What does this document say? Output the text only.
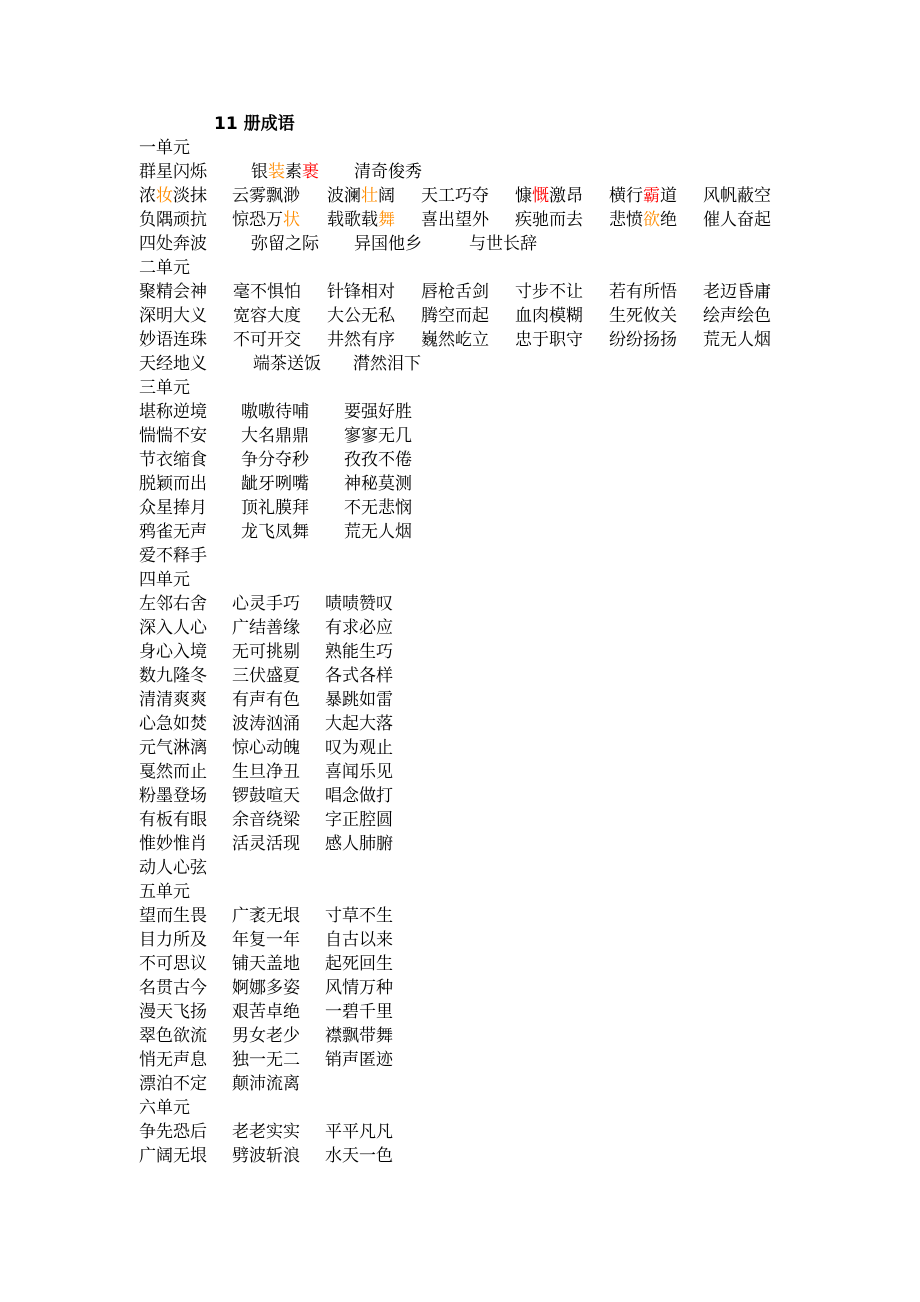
11 册成语
一单元
群星闪烁	银装素裹 清奇俊秀
浓妆淡抹 云雾飘渺 波澜壮阔 天工巧夺 慷慨激昂 横行霸道 风帆蔽空
负隅顽抗 惊恐万状 载歌载舞 喜出望外 疾驰而去 悲愤欲绝 催人奋起
四处奔波	弥留之际 异国他乡	与世长辞
二单元
聚精会神 毫不惧怕 针锋相对 唇枪舌剑 寸步不让 若有所悟 老迈昏庸
深明大义 宽容大度 大公无私 腾空而起 血肉模糊 生死攸关 绘声绘色
妙语连珠 不可开交 井然有序 巍然屹立 忠于职守 纷纷扬扬 荒无人烟
天经地义	端茶送饭 潸然泪下
三单元
堪称逆境 嗷嗷待哺 要强好胜
惴惴不安 大名鼎鼎 寥寥无几
节衣缩食 争分夺秒 孜孜不倦
脱颖而出 龇牙咧嘴 神秘莫测
众星捧月 顶礼膜拜 不无悲悯
鸦雀无声 龙飞凤舞 荒无人烟
爱不释手
四单元
左邻右舍 心灵手巧 啧啧赞叹
深入人心 广结善缘 有求必应
身心入境 无可挑剔 熟能生巧
数九隆冬 三伏盛夏 各式各样
清清爽爽 有声有色 暴跳如雷
心急如焚 波涛汹涌 大起大落
元气淋漓 惊心动魄 叹为观止
戛然而止 生旦净丑 喜闻乐见
粉墨登场 锣鼓喧天 唱念做打
有板有眼 余音绕梁 字正腔圆
惟妙惟肖 活灵活现 感人肺腑
动人心弦
五单元
望而生畏 广袤无垠 寸草不生
目力所及 年复一年 自古以来
不可思议 铺天盖地 起死回生
名贯古今 婀娜多姿 风情万种
漫天飞扬 艰苦卓绝 一碧千里
翠色欲流 男女老少 襟飘带舞
悄无声息 独一无二 销声匿迹
漂泊不定 颠沛流离
六单元
争先恐后 老老实实 平平凡凡
广阔无垠 劈波斩浪 水天一色
